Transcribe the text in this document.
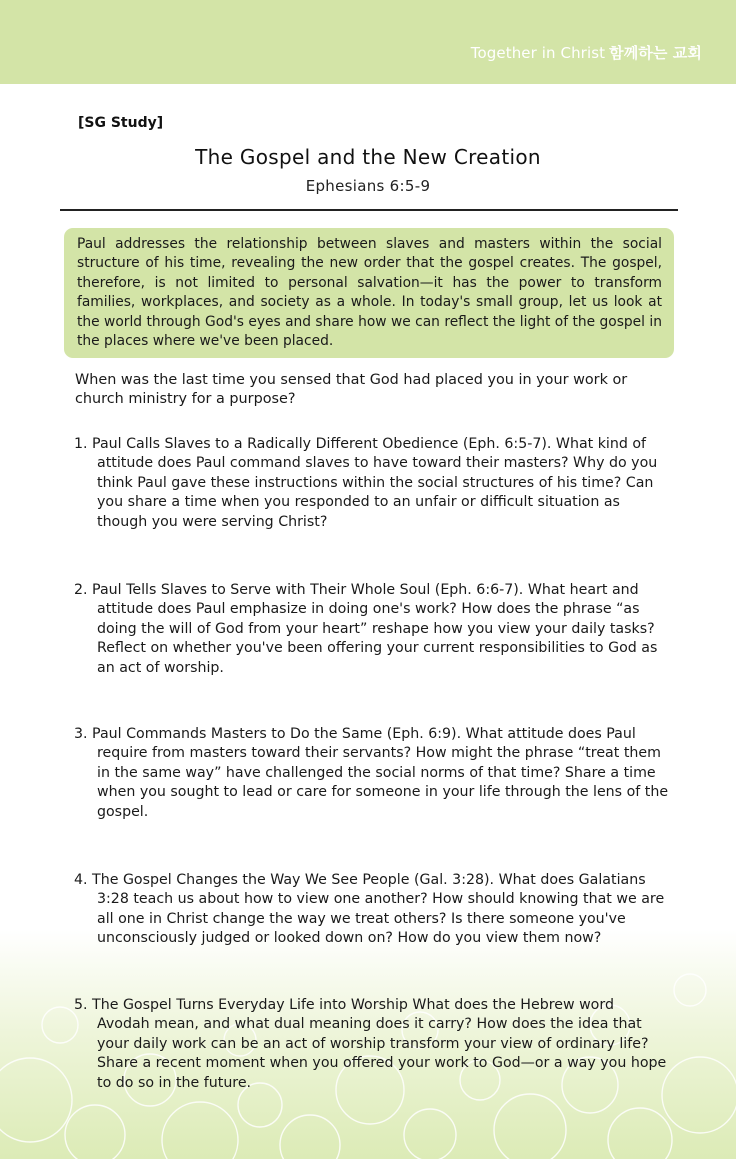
Together in Christ 함께하는 교회
[SG Study]
The Gospel and the New Creation
Ephesians 6:5-9
Paul addresses the relationship between slaves and masters within the social structure of his time, revealing the new order that the gospel creates. The gospel, therefore, is not limited to personal salvation—it has the power to transform families, workplaces, and society as a whole. In today's small group, let us look at the world through God's eyes and share how we can reflect the light of the gospel in the places where we've been placed.
When was the last time you sensed that God had placed you in your work or church ministry for a purpose?
1. Paul Calls Slaves to a Radically Different Obedience (Eph. 6:5-7). What kind of attitude does Paul command slaves to have toward their masters? Why do you think Paul gave these instructions within the social structures of his time? Can you share a time when you responded to an unfair or difficult situation as though you were serving Christ?
2. Paul Tells Slaves to Serve with Their Whole Soul (Eph. 6:6-7). What heart and attitude does Paul emphasize in doing one's work? How does the phrase “as doing the will of God from your heart” reshape how you view your daily tasks? Reflect on whether you've been offering your current responsibilities to God as an act of worship.
3. Paul Commands Masters to Do the Same (Eph. 6:9). What attitude does Paul require from masters toward their servants? How might the phrase “treat them in the same way” have challenged the social norms of that time? Share a time when you sought to lead or care for someone in your life through the lens of the gospel.
4. The Gospel Changes the Way We See People (Gal. 3:28). What does Galatians 3:28 teach us about how to view one another? How should knowing that we are all one in Christ change the way we treat others? Is there someone you've unconsciously judged or looked down on? How do you view them now?
5. The Gospel Turns Everyday Life into Worship What does the Hebrew word Avodah mean, and what dual meaning does it carry? How does the idea that your daily work can be an act of worship transform your view of ordinary life? Share a recent moment when you offered your work to God—or a way you hope to do so in the future.
